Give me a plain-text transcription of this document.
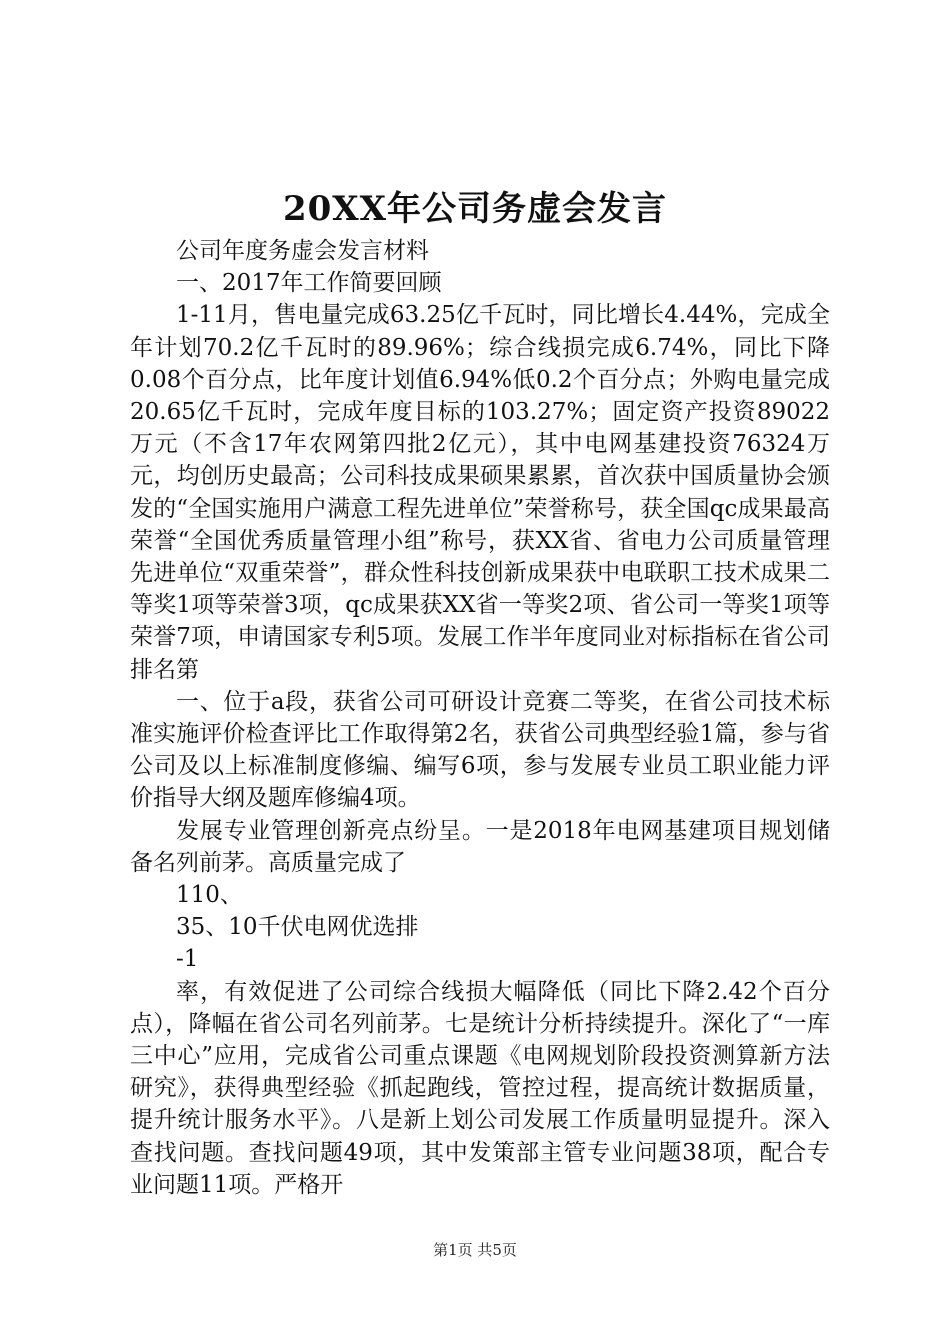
20XX年公司务虚会发言

公司年度务虚会发言材料

一、2017年工作简要回顾

1-11月，售电量完成63.25亿千瓦时，同比增长4.44%，完成全年计划70.2亿千瓦时的89.96%；综合线损完成6.74%，同比下降0.08个百分点，比年度计划值6.94%低0.2个百分点；外购电量完成20.65亿千瓦时，完成年度目标的103.27%；固定资产投资89022万元（不含17年农网第四批2亿元），其中电网基建投资76324万元，均创历史最高；公司科技成果硕果累累，首次获中国质量协会颁发的“全国实施用户满意工程先进单位”荣誉称号，获全国qc成果最高荣誉“全国优秀质量管理小组”称号，获XX省、省电力公司质量管理先进单位“双重荣誉”，群众性科技创新成果获中电联职工技术成果二等奖1项等荣誉3项，qc成果获XX省一等奖2项、省公司一等奖1项等荣誉7项，申请国家专利5项。发展工作半年度同业对标指标在省公司排名第

一、位于a段，获省公司可研设计竞赛二等奖，在省公司技术标准实施评价检查评比工作取得第2名，获省公司典型经验1篇，参与省公司及以上标准制度修编、编写6项，参与发展专业员工职业能力评价指导大纲及题库修编4项。

发展专业管理创新亮点纷呈。一是2018年电网基建项目规划储备名列前茅。高质量完成了

110、

35、10千伏电网优选排

-1

率，有效促进了公司综合线损大幅降低（同比下降2.42个百分点），降幅在省公司名列前茅。七是统计分析持续提升。深化了“一库三中心”应用，完成省公司重点课题《电网规划阶段投资测算新方法研究》，获得典型经验《抓起跑线，管控过程，提高统计数据质量，提升统计服务水平》。八是新上划公司发展工作质量明显提升。深入查找问题。查找问题49项，其中发策部主管专业问题38项，配合专业问题11项。严格开

第1页 共5页
